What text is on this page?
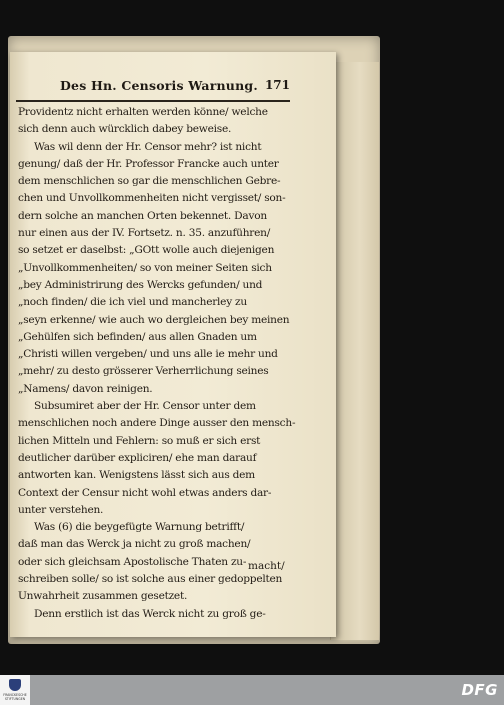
Des Hn. Censoris Warnung. 171
Providentz nicht erhalten werden könne/ welche
sich denn auch würcklich dabey beweise.
Was wil denn der Hr. Censor mehr? ist nicht
genung/ daß der Hr. Professor Francke auch unter
dem menschlichen so gar die menschlichen Gebre-
chen und Unvollkommenheiten nicht vergisset/ son-
dern solche an manchen Orten bekennet. Davon
nur einen aus der IV. Fortsetz. n. 35. anzuführen/
so setzet er daselbst: „GOtt wolle auch diejenigen
„Unvollkommenheiten/ so von meiner Seiten sich
„bey Administrirung des Wercks gefunden/ und
„noch finden/ die ich viel und mancherley zu
„seyn erkenne/ wie auch wo dergleichen bey meinen
„Gehülfen sich befinden/ aus allen Gnaden um
„Christi willen vergeben/ und uns alle ie mehr und
„mehr/ zu desto grösserer Verherrlichung seines
„Namens/ davon reinigen.
Subsumiret aber der Hr. Censor unter dem
menschlichen noch andere Dinge ausser den mensch-
lichen Mitteln und Fehlern: so muß er sich erst
deutlicher darüber expliciren/ ehe man darauf
antworten kan. Wenigstens lässt sich aus dem
Context der Censur nicht wohl etwas anders dar-
unter verstehen.
Was (6) die beygefügte Warnung betrifft/
daß man das Werck ja nicht zu groß machen/
oder sich gleichsam Apostolische Thaten zu-
schreiben solle/ so ist solche aus einer gedoppelten
Unwahrheit zusammen gesetzet.
Denn erstlich ist das Werck nicht zu groß ge-
macht/
FRANCKESCHE STIFTUNGEN	DFG
